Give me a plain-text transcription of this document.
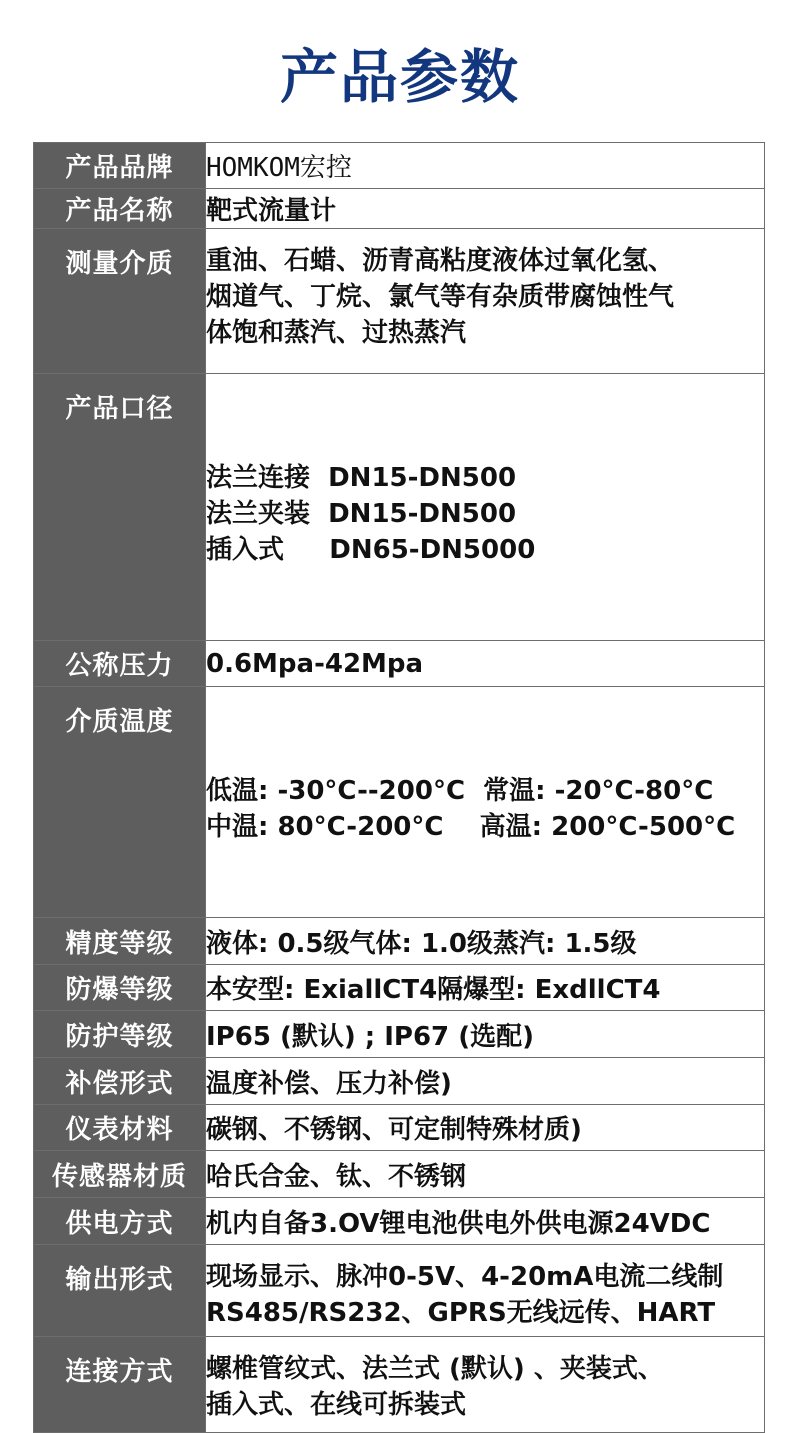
产品参数
产品品牌	HOMKOM宏控

产品名称	靶式流量计

测量介质	重油、石蜡、沥青高粘度液体过氧化氢、
烟道气、丁烷、氯气等有杂质带腐蚀性气
体饱和蒸汽、过热蒸汽

产品口径	法兰连接  DN15-DN500
法兰夹装  DN15-DN500
插入式     DN65-DN5000

公称压力	0.6Mpa-42Mpa

介质温度	低温: -30°C--200°C  常温: -20°C-80°C
中温: 80°C-200°C    高温: 200°C-500°C

精度等级	液体: 0.5级气体: 1.0级蒸汽: 1.5级

防爆等级	本安型: ExiallCT4隔爆型: ExdllCT4

防护等级	IP65 (默认) ; IP67 (选配)

补偿形式	温度补偿、压力补偿)

仪表材料	碳钢、不锈钢、可定制特殊材质)

传感器材质	哈氏合金、钛、不锈钢

供电方式	机内自备3.OV锂电池供电外供电源24VDC

输出形式	现场显示、脉冲0-5V、4-20mA电流二线制
RS485/RS232、GPRS无线远传、HART

连接方式	螺椎管纹式、法兰式 (默认) 、夹装式、
插入式、在线可拆装式
